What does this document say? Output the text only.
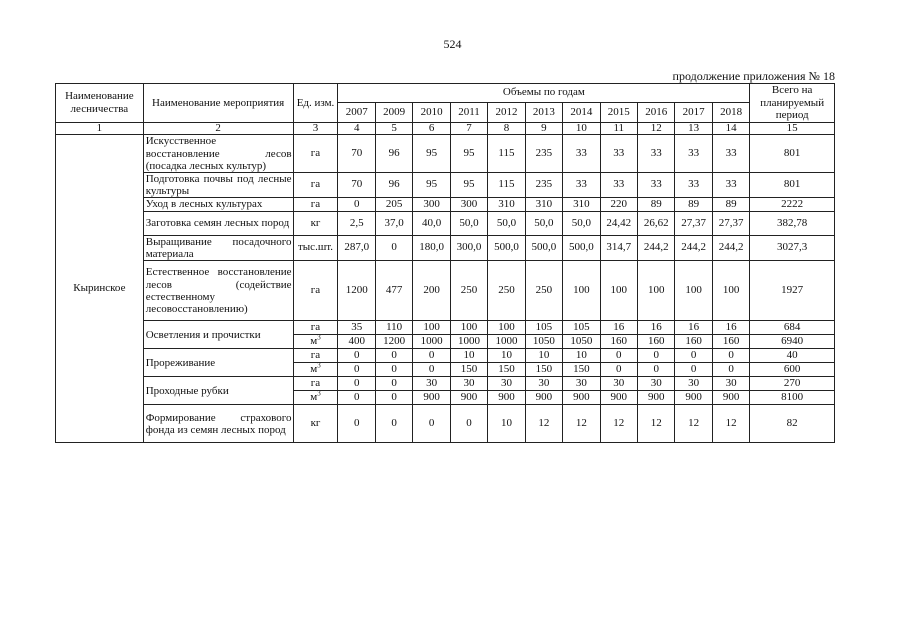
524
продолжение приложения № 18
Наименование лесничества	Наименование мероприятия	Ед. изм.	Объемы по годам											Всего на планируемый период
			2007	2009	2010	2011	2012	2013	2014	2015	2016	2017	2018	
1	2	3	4	5	6	7	8	9	10	11	12	13	14	15
Кыринское	Искусственное восстановление лесов (посадка лесных культур)	га	70	96	95	95	115	235	33	33	33	33	33	801
	Подготовка почвы под лесные культуры	га	70	96	95	95	115	235	33	33	33	33	33	801
	Уход в лесных культурах	га	0	205	300	300	310	310	310	220	89	89	89	2222
	Заготовка семян лесных пород	кг	2,5	37,0	40,0	50,0	50,0	50,0	50,0	24,42	26,62	27,37	27,37	382,78
	Выращивание посадочного материала	тыс.шт.	287,0	0	180,0	300,0	500,0	500,0	500,0	314,7	244,2	244,2	244,2	3027,3
	Естественное восстановление лесов (содействие естественному лесовосстановлению)	га	1200	477	200	250	250	250	100	100	100	100	100	1927
	Осветления и прочистки	га	35	110	100	100	100	105	105	16	16	16	16	684
		$м^3$	400	1200	1000	1000	1000	1050	1050	160	160	160	160	6940
	Прореживание	га	0	0	0	10	10	10	10	0	0	0	0	40
		$м^3$	0	0	0	150	150	150	150	0	0	0	0	600
	Проходные рубки	га	0	0	30	30	30	30	30	30	30	30	30	270
		$м^3$	0	0	900	900	900	900	900	900	900	900	900	8100
	Формирование страхового фонда из семян лесных пород	кг	0	0	0	0	10	12	12	12	12	12	12	82
